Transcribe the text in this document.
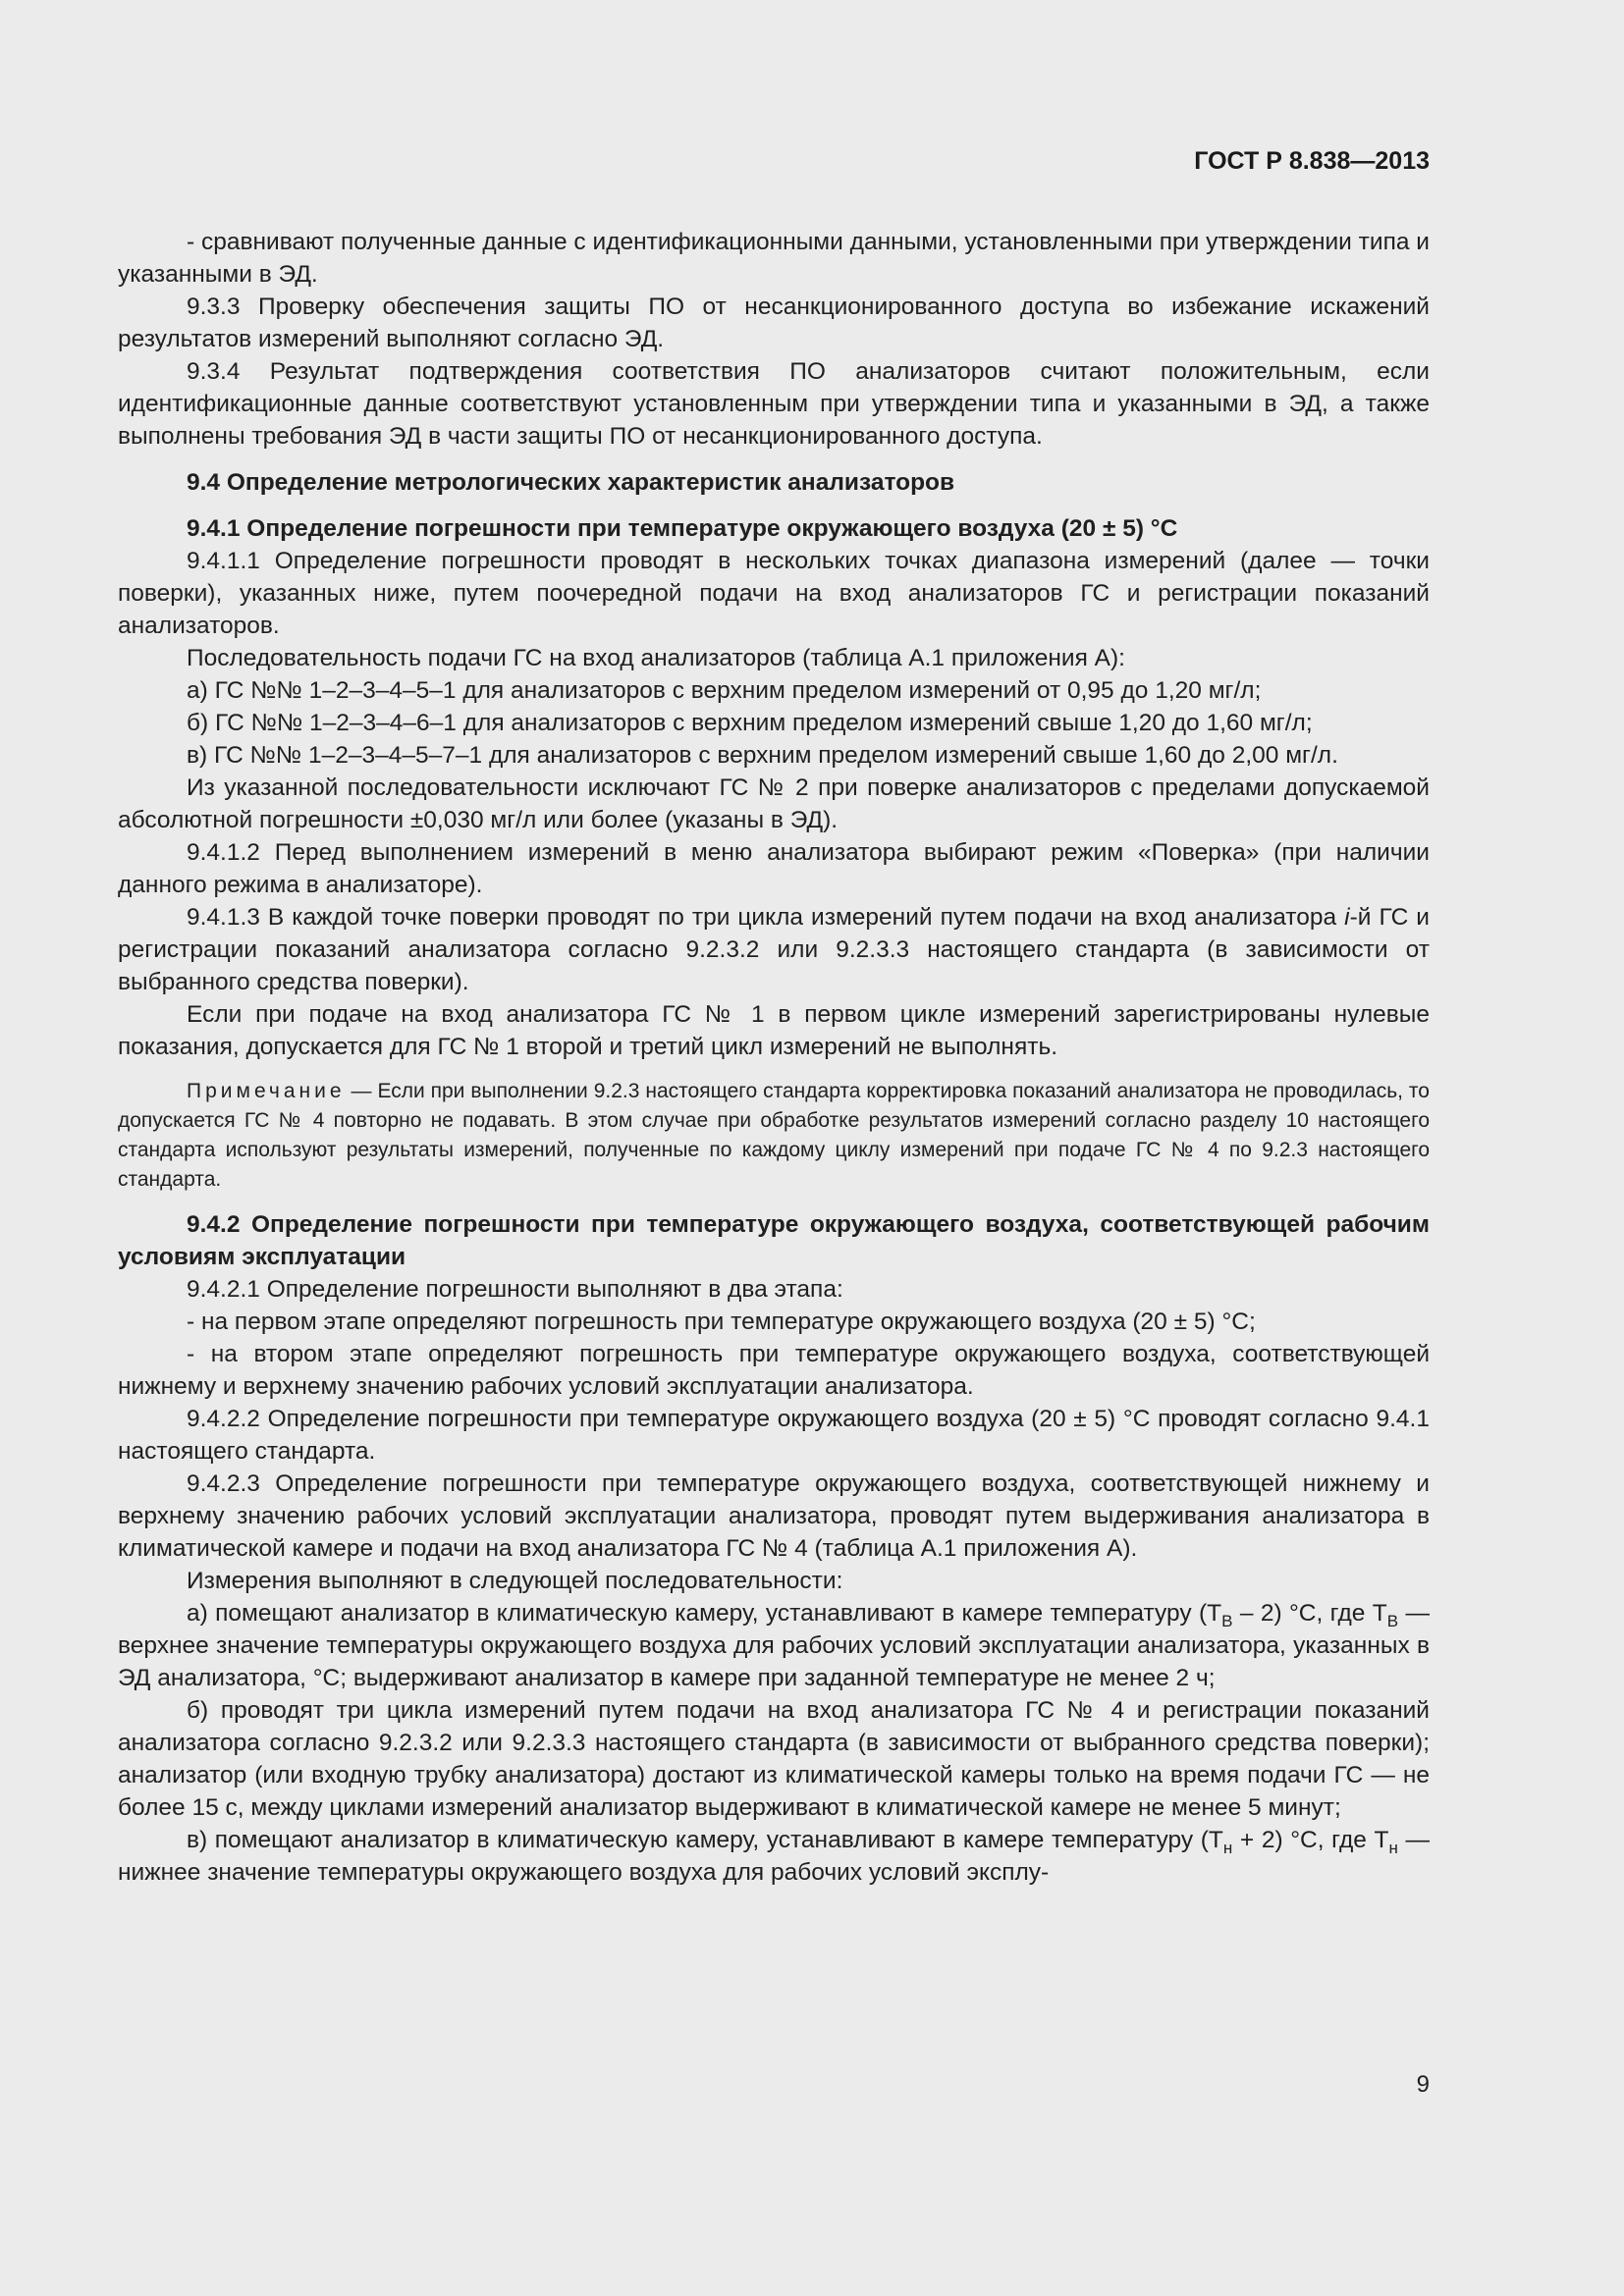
ГОСТ Р 8.838—2013

- сравнивают полученные данные с идентификационными данными, установленными при утверждении типа и указанными в ЭД.

9.3.3 Проверку обеспечения защиты ПО от несанкционированного доступа во избежание искажений результатов измерений выполняют согласно ЭД.

9.3.4 Результат подтверждения соответствия ПО анализаторов считают положительным, если идентификационные данные соответствуют установленным при утверждении типа и указанными в ЭД, а также выполнены требования ЭД в части защиты ПО от несанкционированного доступа.

9.4 Определение метрологических характеристик анализаторов

9.4.1 Определение погрешности при температуре окружающего воздуха (20 ± 5) °С

9.4.1.1 Определение погрешности проводят в нескольких точках диапазона измерений (далее — точки поверки), указанных ниже, путем поочередной подачи на вход анализаторов ГС и регистрации показаний анализаторов.

Последовательность подачи ГС на вход анализаторов (таблица А.1 приложения А):

а) ГС №№ 1–2–3–4–5–1 для анализаторов с верхним пределом измерений от 0,95 до 1,20 мг/л;

б) ГС №№ 1–2–3–4–6–1 для анализаторов с верхним пределом измерений свыше 1,20 до 1,60 мг/л;

в) ГС №№ 1–2–3–4–5–7–1 для анализаторов с верхним пределом измерений свыше 1,60 до 2,00 мг/л.

Из указанной последовательности исключают ГС № 2 при поверке анализаторов с пределами допускаемой абсолютной погрешности ±0,030 мг/л или более (указаны в ЭД).

9.4.1.2 Перед выполнением измерений в меню анализатора выбирают режим «Поверка» (при наличии данного режима в анализаторе).

9.4.1.3 В каждой точке поверки проводят по три цикла измерений путем подачи на вход анализатора i-й ГС и регистрации показаний анализатора согласно 9.2.3.2 или 9.2.3.3 настоящего стандарта (в зависимости от выбранного средства поверки).

Если при подаче на вход анализатора ГС № 1 в первом цикле измерений зарегистрированы нулевые показания, допускается для ГС № 1 второй и третий цикл измерений не выполнять.

Примечание — Если при выполнении 9.2.3 настоящего стандарта корректировка показаний анализатора не проводилась, то допускается ГС № 4 повторно не подавать. В этом случае при обработке результатов измерений согласно разделу 10 настоящего стандарта используют результаты измерений, полученные по каждому циклу измерений при подаче ГС № 4 по 9.2.3 настоящего стандарта.

9.4.2 Определение погрешности при температуре окружающего воздуха, соответствующей рабочим условиям эксплуатации

9.4.2.1 Определение погрешности выполняют в два этапа:

- на первом этапе определяют погрешность при температуре окружающего воздуха (20 ± 5) °С;

- на втором этапе определяют погрешность при температуре окружающего воздуха, соответствующей нижнему и верхнему значению рабочих условий эксплуатации анализатора.

9.4.2.2 Определение погрешности при температуре окружающего воздуха (20 ± 5) °С проводят согласно 9.4.1 настоящего стандарта.

9.4.2.3 Определение погрешности при температуре окружающего воздуха, соответствующей нижнему и верхнему значению рабочих условий эксплуатации анализатора, проводят путем выдерживания анализатора в климатической камере и подачи на вход анализатора ГС № 4 (таблица А.1 приложения А).

Измерения выполняют в следующей последовательности:

а) помещают анализатор в климатическую камеру, устанавливают в камере температуру $(Т_В - 2)$ °С, где $Т_В$ — верхнее значение температуры окружающего воздуха для рабочих условий эксплуатации анализатора, указанных в ЭД анализатора, °С; выдерживают анализатор в камере при заданной температуре не менее 2 ч;

б) проводят три цикла измерений путем подачи на вход анализатора ГС № 4 и регистрации показаний анализатора согласно 9.2.3.2 или 9.2.3.3 настоящего стандарта (в зависимости от выбранного средства поверки); анализатор (или входную трубку анализатора) достают из климатической камеры только на время подачи ГС — не более 15 с, между циклами измерений анализатор выдерживают в климатической камере не менее 5 минут;

в) помещают анализатор в климатическую камеру, устанавливают в камере температуру $(Т_н + 2)$ °С, где $Т_н$ — нижнее значение температуры окружающего воздуха для рабочих условий эксплу-

9
